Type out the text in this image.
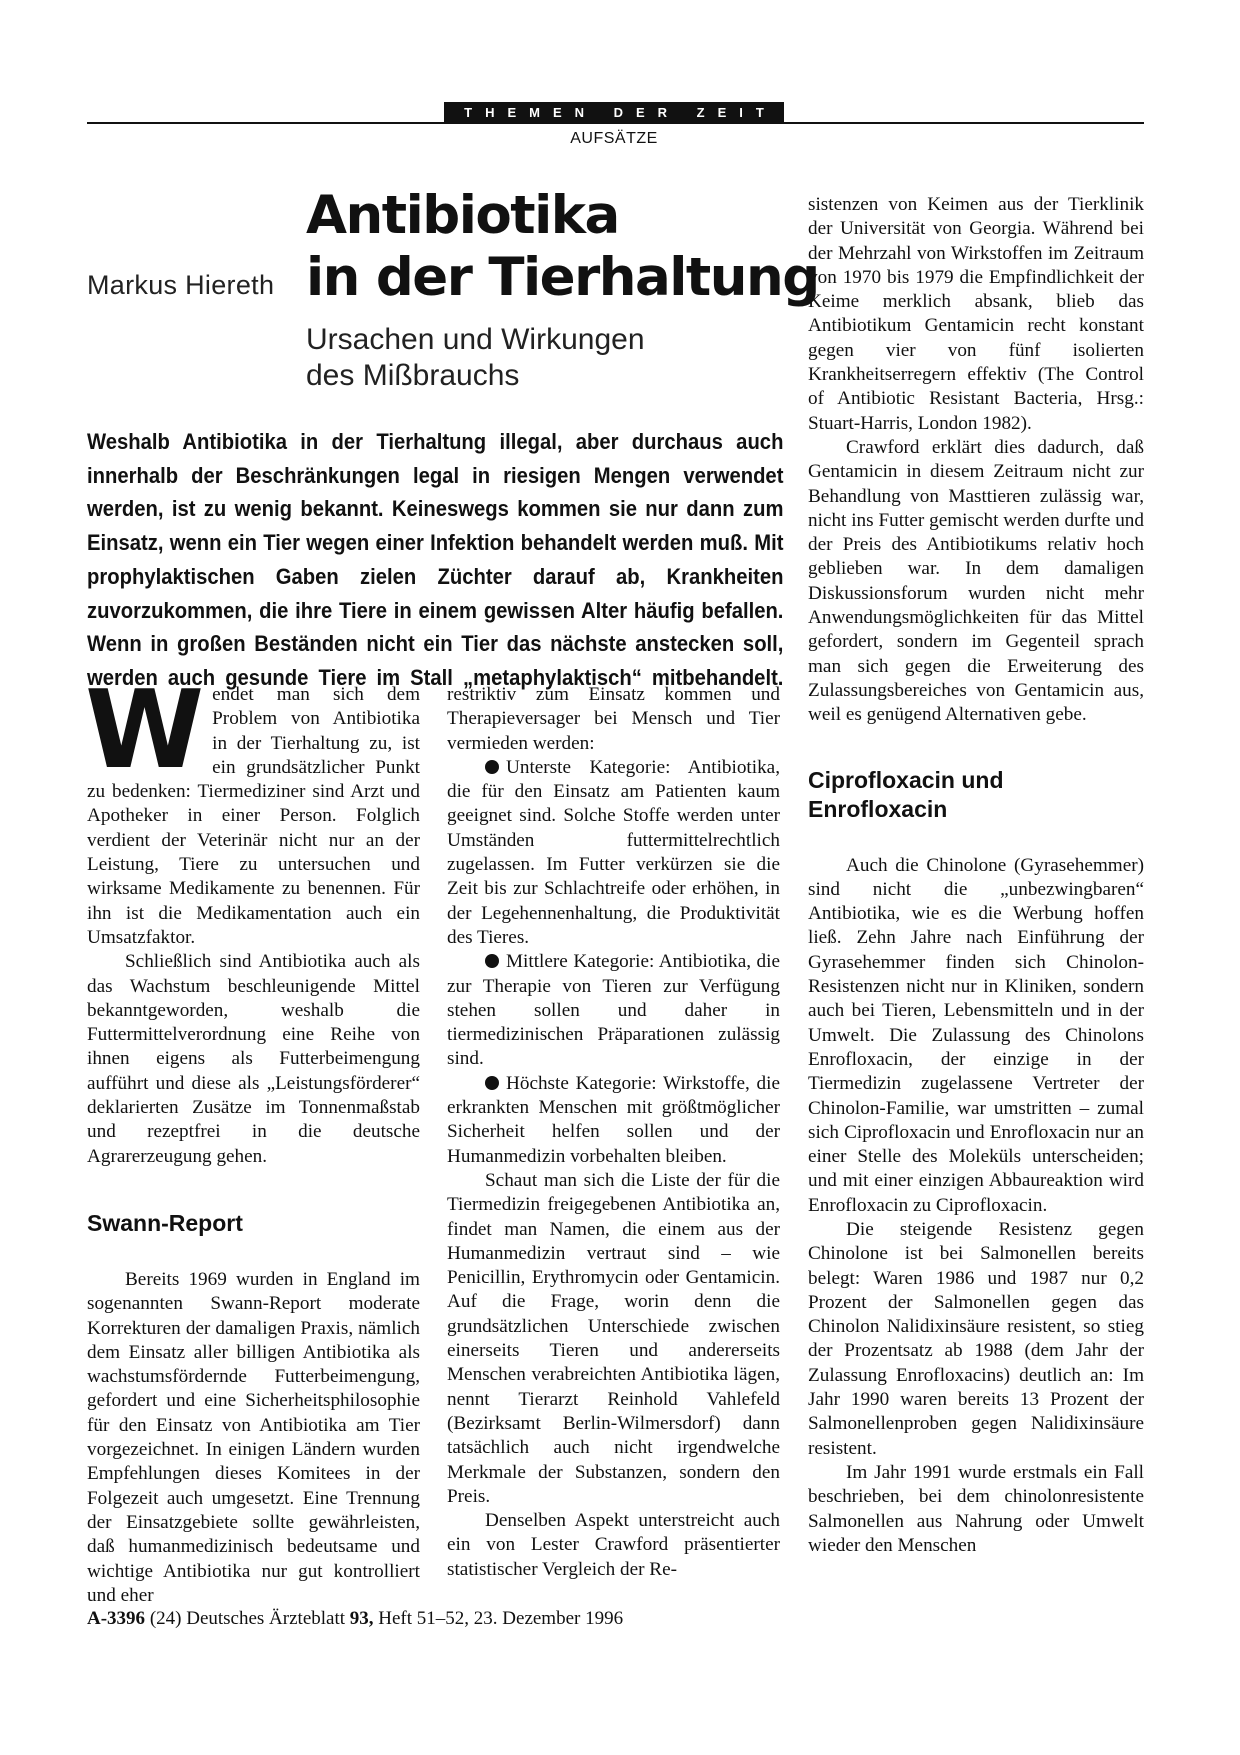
THEMEN DER ZEIT
AUFSÄTZE
Markus Hiereth
Antibiotika
in der Tierhaltung
Ursachen und Wirkungen
des Mißbrauchs
Weshalb Antibiotika in der Tierhaltung illegal, aber durchaus auch innerhalb der Beschränkungen legal in riesigen Mengen verwendet werden, ist zu wenig bekannt. Keineswegs kommen sie nur dann zum Einsatz, wenn ein Tier wegen einer Infektion behandelt werden muß. Mit prophylaktischen Gaben zielen Züchter darauf ab, Krankheiten zuvorzukommen, die ihre Tiere in einem gewissen Alter häufig befallen. Wenn in großen Beständen nicht ein Tier das nächste anstecken soll, werden auch gesunde Tiere im Stall „metaphylaktisch“ mitbehandelt.

Wendet man sich dem Problem von Antibiotika in der Tierhaltung zu, ist ein grundsätzlicher Punkt zu bedenken: Tiermediziner sind Arzt und Apotheker in einer Person. Folglich verdient der Veterinär nicht nur an der Leistung, Tiere zu untersuchen und wirksame Medikamente zu benennen. Für ihn ist die Medikamentation auch ein Umsatzfaktor.

Schließlich sind Antibiotika auch als das Wachstum beschleunigende Mittel bekanntgeworden, weshalb die Futtermittelverordnung eine Reihe von ihnen eigens als Futterbeimengung aufführt und diese als „Leistungsförderer“ deklarierten Zusätze im Tonnenmaßstab und rezeptfrei in die deutsche Agrarerzeugung gehen.

Swann-Report

Bereits 1969 wurden in England im sogenannten Swann-Report moderate Korrekturen der damaligen Praxis, nämlich dem Einsatz aller billigen Antibiotika als wachstumsfördernde Futterbeimengung, gefordert und eine Sicherheitsphilosophie für den Einsatz von Antibiotika am Tier vorgezeichnet. In einigen Ländern wurden Empfehlungen dieses Komitees in der Folgezeit auch umgesetzt. Eine Trennung der Einsatzgebiete sollte gewährleisten, daß humanmedizinisch bedeutsame und wichtige Antibiotika nur gut kontrolliert und eher

restriktiv zum Einsatz kommen und Therapieversager bei Mensch und Tier vermieden werden:

Unterste Kategorie: Antibiotika, die für den Einsatz am Patienten kaum geeignet sind. Solche Stoffe werden unter Umständen futtermittelrechtlich zugelassen. Im Futter verkürzen sie die Zeit bis zur Schlachtreife oder erhöhen, in der Legehennenhaltung, die Produktivität des Tieres.

Mittlere Kategorie: Antibiotika, die zur Therapie von Tieren zur Verfügung stehen sollen und daher in tiermedizinischen Präparationen zulässig sind.

Höchste Kategorie: Wirkstoffe, die erkrankten Menschen mit größtmöglicher Sicherheit helfen sollen und der Humanmedizin vorbehalten bleiben.

Schaut man sich die Liste der für die Tiermedizin freigegebenen Antibiotika an, findet man Namen, die einem aus der Humanmedizin vertraut sind – wie Penicillin, Erythromycin oder Gentamicin. Auf die Frage, worin denn die grundsätzlichen Unterschiede zwischen einerseits Tieren und andererseits Menschen verabreichten Antibiotika lägen, nennt Tierarzt Reinhold Vahlefeld (Bezirksamt Berlin-Wilmersdorf) dann tatsächlich auch nicht irgendwelche Merkmale der Substanzen, sondern den Preis.

Denselben Aspekt unterstreicht auch ein von Lester Crawford präsentierter statistischer Vergleich der Re-

sistenzen von Keimen aus der Tierklinik der Universität von Georgia. Während bei der Mehrzahl von Wirkstoffen im Zeitraum von 1970 bis 1979 die Empfindlichkeit der Keime merklich absank, blieb das Antibiotikum Gentamicin recht konstant gegen vier von fünf isolierten Krankheitserregern effektiv (The Control of Antibiotic Resistant Bacteria, Hrsg.: Stuart-Harris, London 1982).

Crawford erklärt dies dadurch, daß Gentamicin in diesem Zeitraum nicht zur Behandlung von Masttieren zulässig war, nicht ins Futter gemischt werden durfte und der Preis des Antibiotikums relativ hoch geblieben war. In dem damaligen Diskussionsforum wurden nicht mehr Anwendungsmöglichkeiten für das Mittel gefordert, sondern im Gegenteil sprach man sich gegen die Erweiterung des Zulassungsbereiches von Gentamicin aus, weil es genügend Alternativen gebe.

Ciprofloxacin und
Enrofloxacin

Auch die Chinolone (Gyrasehemmer) sind nicht die „unbezwingbaren“ Antibiotika, wie es die Werbung hoffen ließ. Zehn Jahre nach Einführung der Gyrasehemmer finden sich Chinolon-Resistenzen nicht nur in Kliniken, sondern auch bei Tieren, Lebensmitteln und in der Umwelt. Die Zulassung des Chinolons Enrofloxacin, der einzige in der Tiermedizin zugelassene Vertreter der Chinolon-Familie, war umstritten – zumal sich Ciprofloxacin und Enrofloxacin nur an einer Stelle des Moleküls unterscheiden; und mit einer einzigen Abbaureaktion wird Enrofloxacin zu Ciprofloxacin.

Die steigende Resistenz gegen Chinolone ist bei Salmonellen bereits belegt: Waren 1986 und 1987 nur 0,2 Prozent der Salmonellen gegen das Chinolon Nalidixinsäure resistent, so stieg der Prozentsatz ab 1988 (dem Jahr der Zulassung Enrofloxacins) deutlich an: Im Jahr 1990 waren bereits 13 Prozent der Salmonellenproben gegen Nalidixinsäure resistent.

Im Jahr 1991 wurde erstmals ein Fall beschrieben, bei dem chinolonresistente Salmonellen aus Nahrung oder Umwelt wieder den Menschen

A-3396 (24) Deutsches Ärzteblatt 93, Heft 51–52, 23. Dezember 1996
